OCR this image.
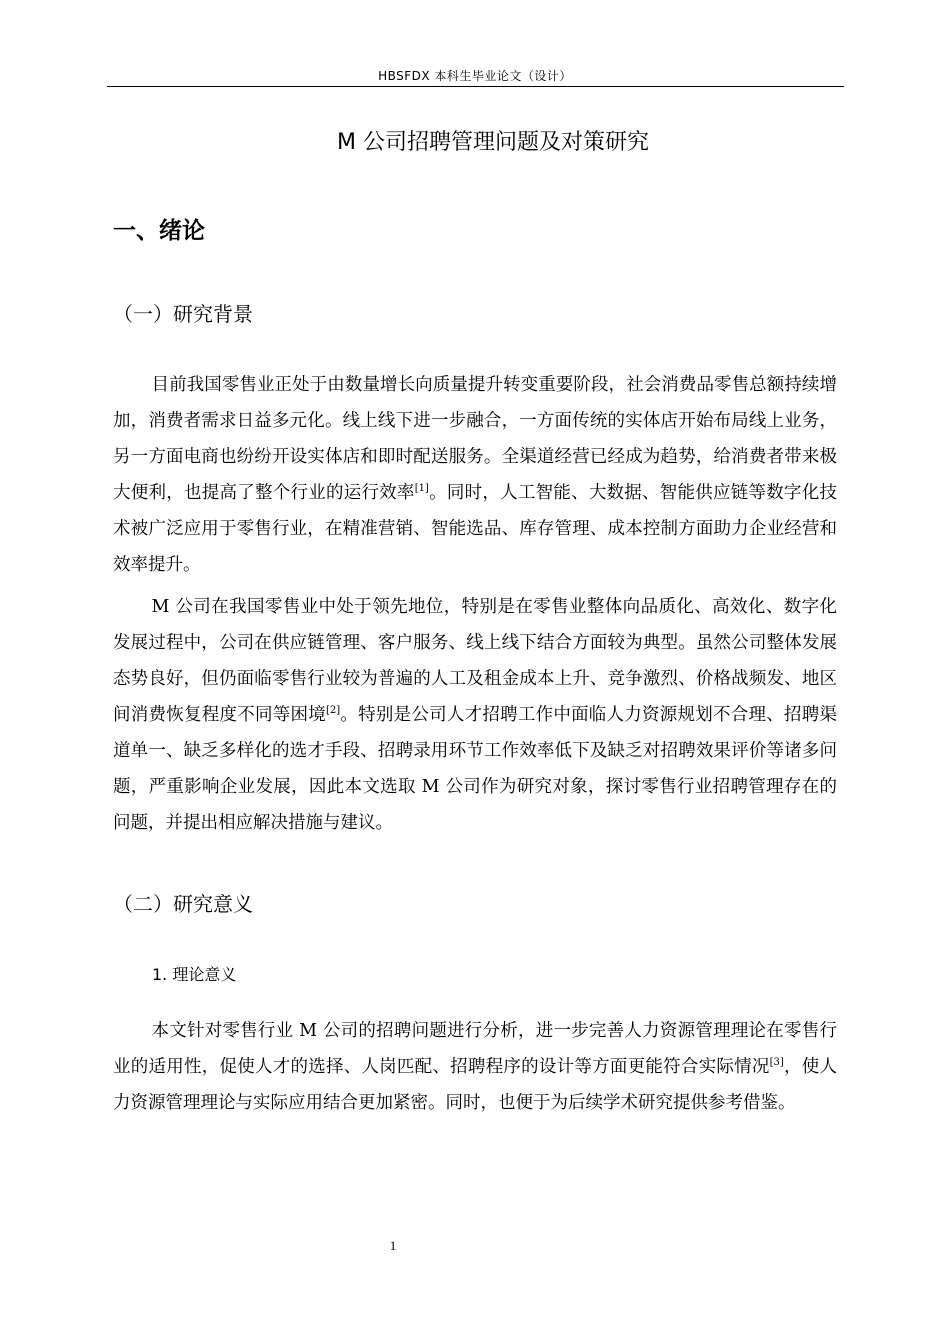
HBSFDX 本科生毕业论文（设计）
M 公司招聘管理问题及对策研究
一、绪论
（一）研究背景

目前我国零售业正处于由数量增长向质量提升转变重要阶段，社会消费品零售总额持续增加，消费者需求日益多元化。线上线下进一步融合，一方面传统的实体店开始布局线上业务，另一方面电商也纷纷开设实体店和即时配送服务。全渠道经营已经成为趋势，给消费者带来极大便利，也提高了整个行业的运行效率[1]。同时，人工智能、大数据、智能供应链等数字化技术被广泛应用于零售行业，在精准营销、智能选品、库存管理、成本控制方面助力企业经营和效率提升。

M 公司在我国零售业中处于领先地位，特别是在零售业整体向品质化、高效化、数字化发展过程中，公司在供应链管理、客户服务、线上线下结合方面较为典型。虽然公司整体发展态势良好，但仍面临零售行业较为普遍的人工及租金成本上升、竞争激烈、价格战频发、地区间消费恢复程度不同等困境[2]。特别是公司人才招聘工作中面临人力资源规划不合理、招聘渠道单一、缺乏多样化的选才手段、招聘录用环节工作效率低下及缺乏对招聘效果评价等诸多问题，严重影响企业发展，因此本文选取 M 公司作为研究对象，探讨零售行业招聘管理存在的问题，并提出相应解决措施与建议。

（二）研究意义
1. 理论意义

本文针对零售行业 M 公司的招聘问题进行分析，进一步完善人力资源管理理论在零售行业的适用性，促使人才的选择、人岗匹配、招聘程序的设计等方面更能符合实际情况[3]，使人力资源管理理论与实际应用结合更加紧密。同时，也便于为后续学术研究提供参考借鉴。

1
